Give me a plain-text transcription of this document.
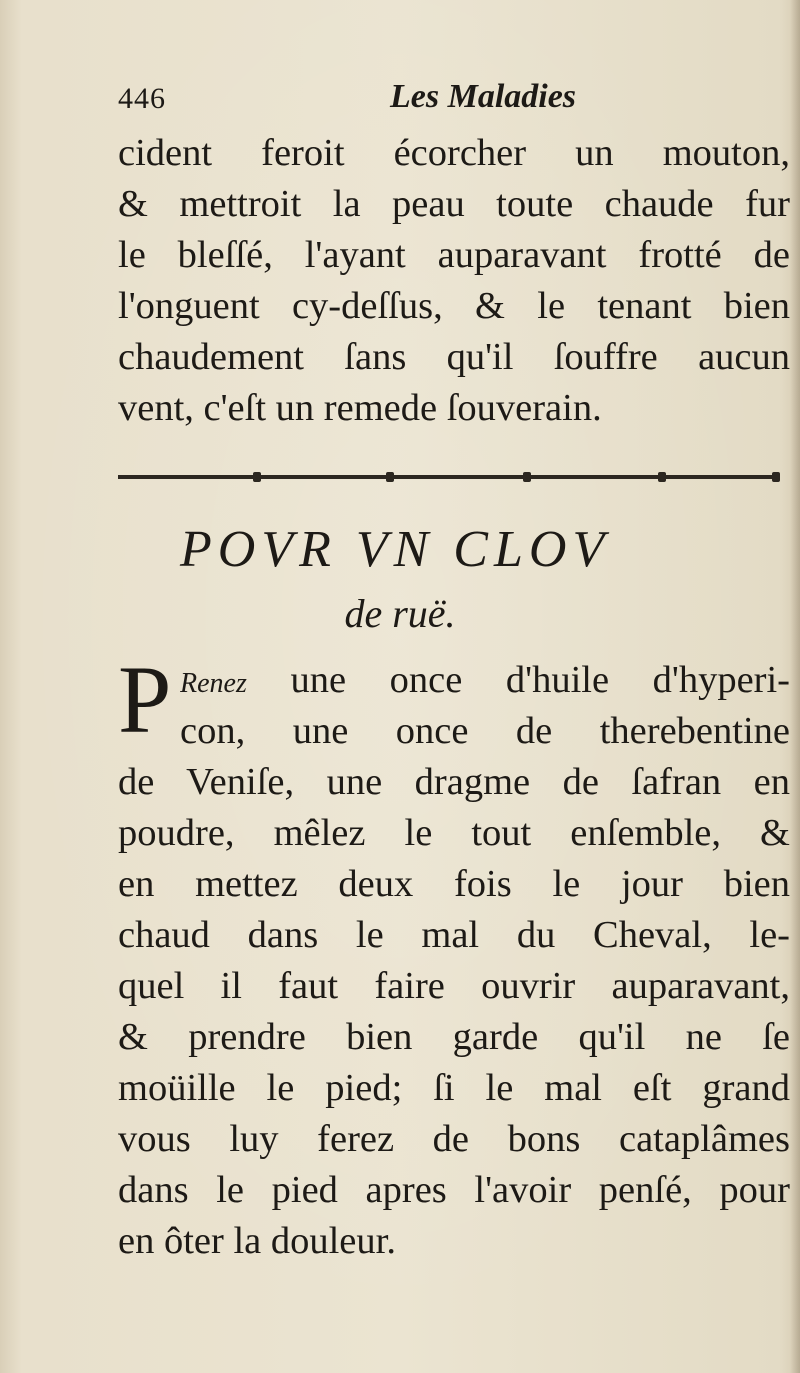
446	Les Maladies
cident feroit écorcher un mouton,
& mettroit la peau toute chaude fur
le bleſſé, l'ayant auparavant frotté de
l'onguent cy-deſſus, & le tenant bien
chaudement ſans qu'il ſouffre aucun
vent, c'eſt un remede ſouverain.
POVR VN CLOV
de ruë.
P Renez une once d'huile d'hyperi-
con, une once de therebentine
de Veniſe, une dragme de ſafran en
poudre, mêlez le tout enſemble, &
en mettez deux fois le jour bien
chaud dans le mal du Cheval, le-
quel il faut faire ouvrir auparavant,
& prendre bien garde qu'il ne ſe
moüille le pied; ſi le mal eſt grand
vous luy ferez de bons cataplâmes
dans le pied apres l'avoir penſé, pour
en ôter la douleur.
